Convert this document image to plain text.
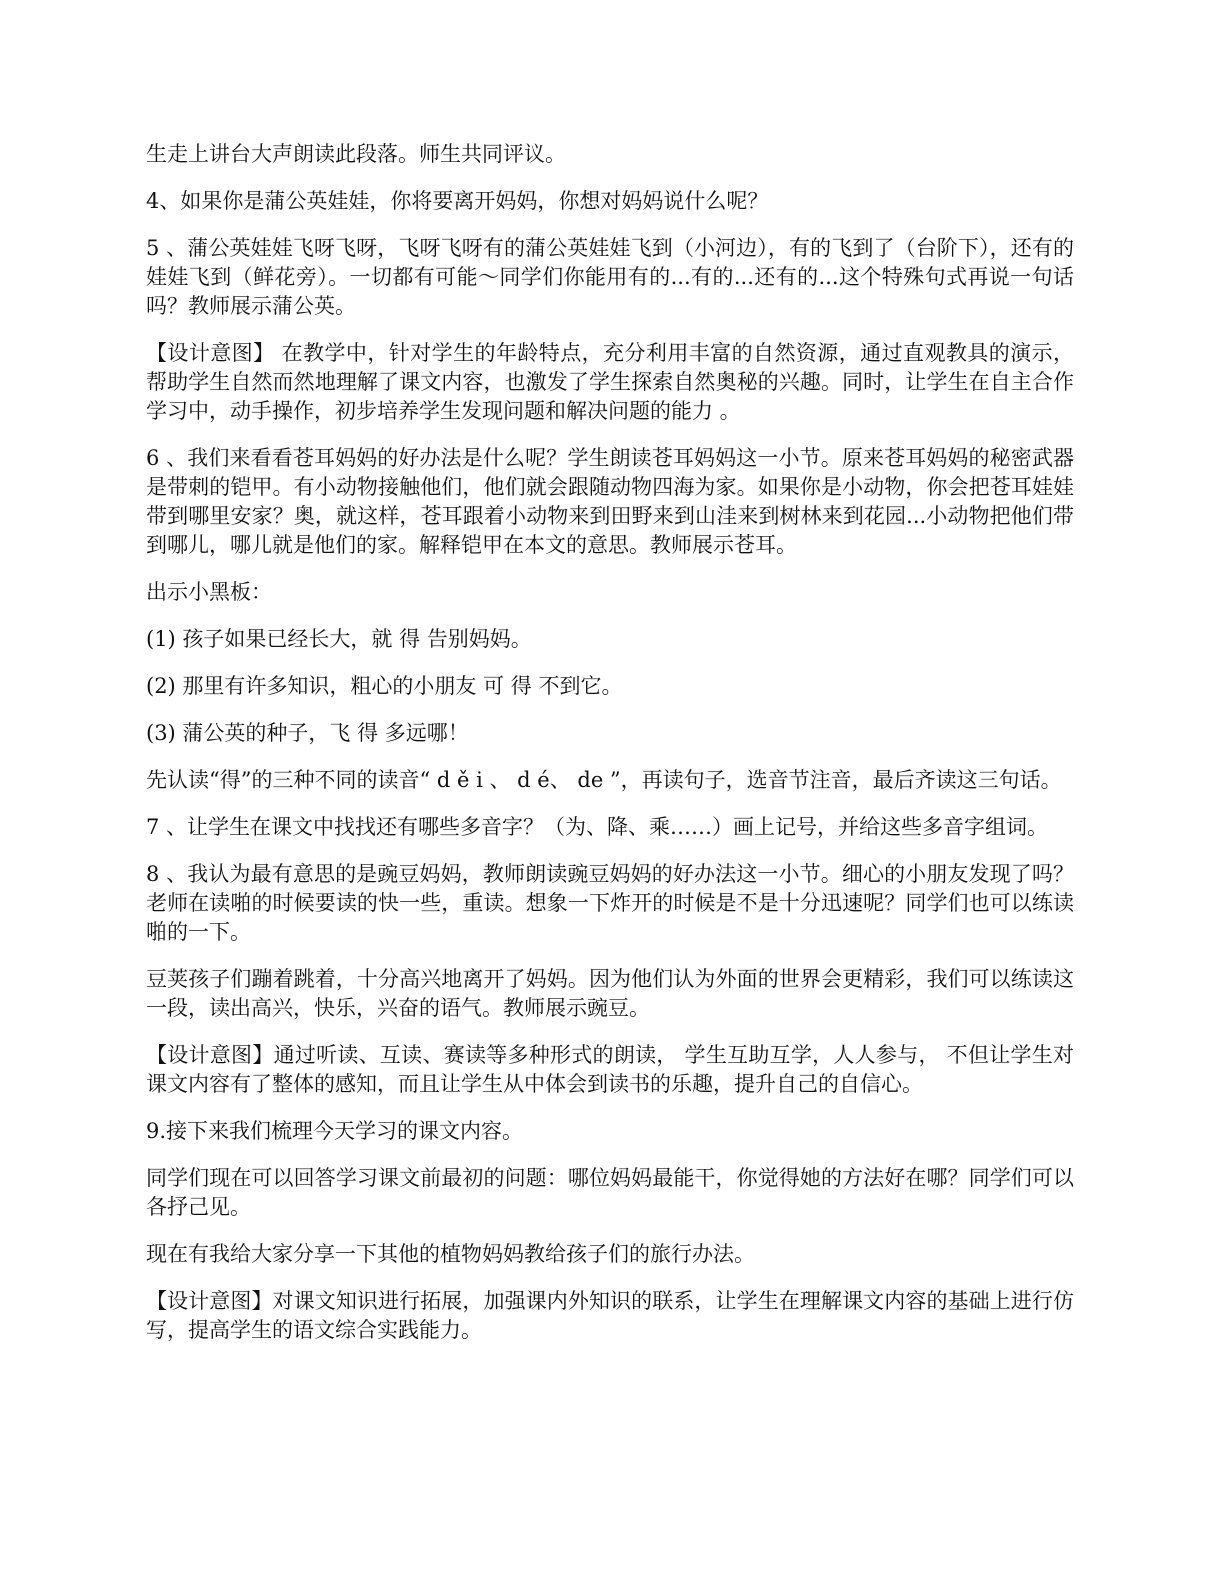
生走上讲台大声朗读此段落。师生共同评议。

4、如果你是蒲公英娃娃，你将要离开妈妈，你想对妈妈说什么呢？

5 、蒲公英娃娃飞呀飞呀，飞呀飞呀有的蒲公英娃娃飞到（小河边），有的飞到了（台阶下），还有的娃娃飞到（鲜花旁）。一切都有可能～同学们你能用有的...有的...还有的...这个特殊句式再说一句话吗？教师展示蒲公英。

【设计意图】 在教学中，针对学生的年龄特点，充分利用丰富的自然资源，通过直观教具的演示，帮助学生自然而然地理解了课文内容，也激发了学生探索自然奥秘的兴趣。同时，让学生在自主合作学习中，动手操作，初步培养学生发现问题和解决问题的能力 。

6 、我们来看看苍耳妈妈的好办法是什么呢？学生朗读苍耳妈妈这一小节。原来苍耳妈妈的秘密武器是带刺的铠甲。有小动物接触他们，他们就会跟随动物四海为家。如果你是小动物，你会把苍耳娃娃带到哪里安家？奥，就这样，苍耳跟着小动物来到田野来到山洼来到树林来到花园...小动物把他们带到哪儿，哪儿就是他们的家。解释铠甲在本文的意思。教师展示苍耳。

出示小黑板：

(1) 孩子如果已经长大，就 得 告别妈妈。

(2) 那里有许多知识，粗心的小朋友 可 得 不到它。

(3) 蒲公英的种子，飞 得 多远哪！

先认读“得”的三种不同的读音“ d ě i 、 d é、 de ”，再读句子，选音节注音，最后齐读这三句话。

7 、让学生在课文中找找还有哪些多音字？（为、降、乘……）画上记号，并给这些多音字组词。

8 、我认为最有意思的是豌豆妈妈，教师朗读豌豆妈妈的好办法这一小节。细心的小朋友发现了吗？老师在读啪的时候要读的快一些，重读。想象一下炸开的时候是不是十分迅速呢？同学们也可以练读啪的一下。

豆荚孩子们蹦着跳着，十分高兴地离开了妈妈。因为他们认为外面的世界会更精彩，我们可以练读这一段，读出高兴，快乐，兴奋的语气。教师展示豌豆。

【设计意图】通过听读、互读、赛读等多种形式的朗读， 学生互助互学，人人参与， 不但让学生对课文内容有了整体的感知，而且让学生从中体会到读书的乐趣，提升自己的自信心。

9.接下来我们梳理今天学习的课文内容。

同学们现在可以回答学习课文前最初的问题：哪位妈妈最能干，你觉得她的方法好在哪？同学们可以各抒己见。

现在有我给大家分享一下其他的植物妈妈教给孩子们的旅行办法。

【设计意图】对课文知识进行拓展，加强课内外知识的联系，让学生在理解课文内容的基础上进行仿写，提高学生的语文综合实践能力。
